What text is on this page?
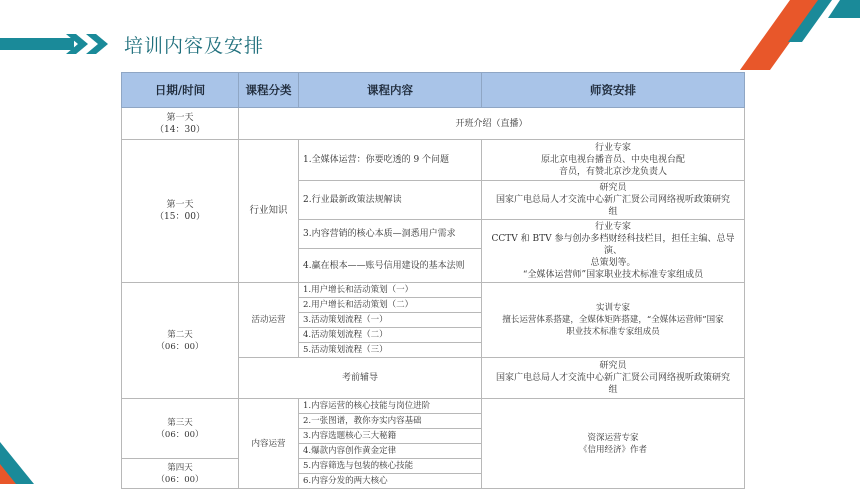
培训内容及安排
日期/时间	课程分类	课程内容	师资安排

第一天
（14：30）	开班介绍（直播）		

第一天
（15：00）	行业知识	1.全媒体运营：你要吃透的 9 个问题	行业专家
原北京电视台播音员、中央电视台配
音员，有赞北京沙龙负责人

		2.行业最新政策法规解读	研究员
国家广电总局人才交流中心新广汇贤公司网络视听政策研究
组

		3.内容营销的核心本质—洞悉用户需求	行业专家
CCTV 和 BTV 参与创办多档财经科技栏目，担任主编、总导演、
总策划等。
“全媒体运营师”国家职业技术标准专家组成员

		4.赢在根本——账号信用建设的基本法则	

第二天
（06：00）	活动运营	1.用户增长和活动策划（一）	实训专家
擅长运营体系搭建，全媒体矩阵搭建，“全媒体运营师”国家
职业技术标准专家组成员

		2.用户增长和活动策划（二）	
		3.活动策划流程（一）	
		4.活动策划流程（二）	
		5.活动策划流程（三）	
	考前辅导		研究员
国家广电总局人才交流中心新广汇贤公司网络视听政策研究
组

第三天
（06：00）	内容运营	1.内容运营的核心技能与岗位进阶	资深运营专家
《信用经济》作者

		2.一张图谱，教你夯实内容基础	
		3.内容选题核心三大秘籍	
		4.爆款内容创作黄金定律	

第四天
（06：00）		5.内容筛选与包装的核心技能	
		6.内容分发的两大核心	
